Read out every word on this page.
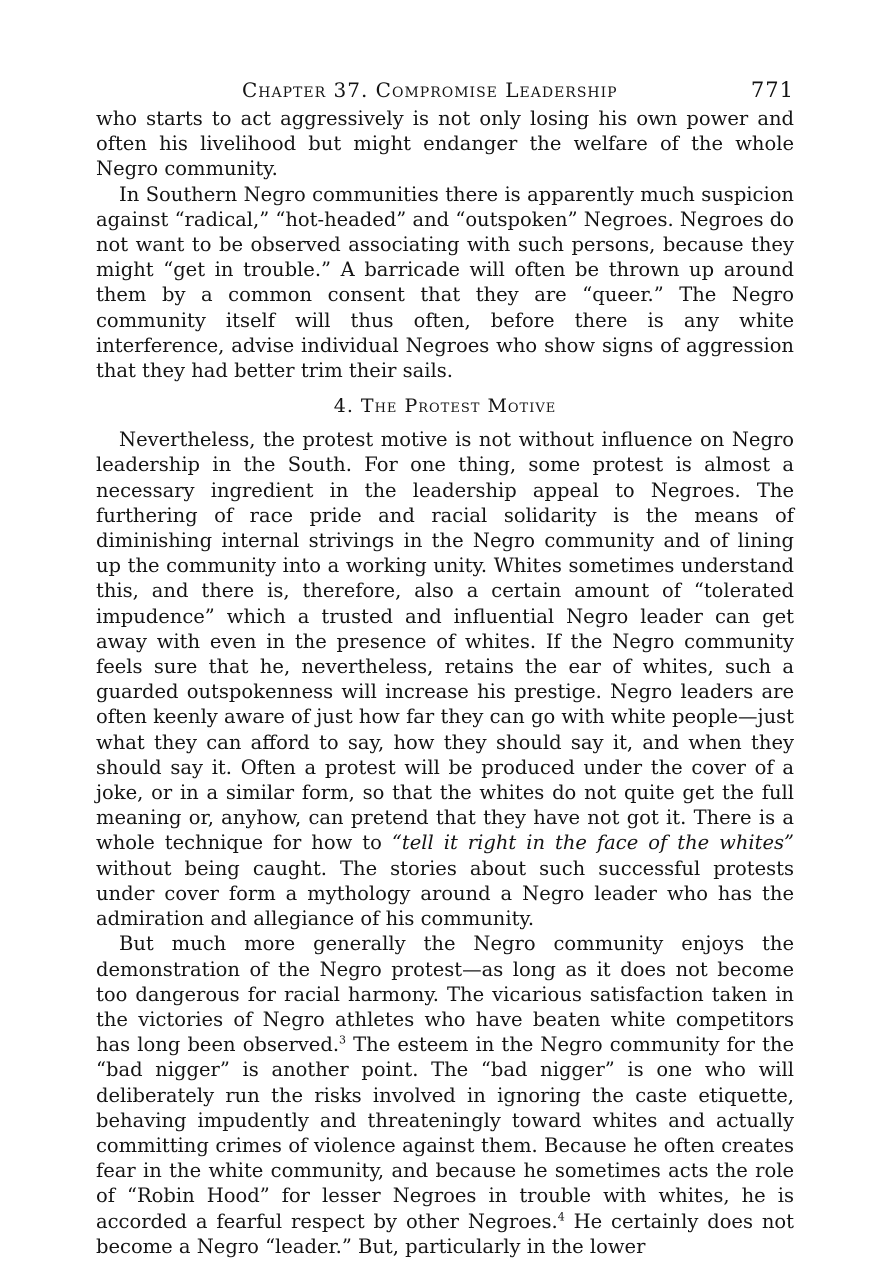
Chapter 37. Compromise Leadership	771

who starts to act aggressively is not only losing his own power and often his livelihood but might endanger the welfare of the whole Negro community.

In Southern Negro communities there is apparently much suspicion against “radical,” “hot-headed” and “outspoken” Negroes. Negroes do not want to be observed associating with such persons, because they might “get in trouble.” A barricade will often be thrown up around them by a common consent that they are “queer.” The Negro community itself will thus often, before there is any white interference, advise individual Negroes who show signs of aggression that they had better trim their sails.

4. The Protest Motive

Nevertheless, the protest motive is not without influence on Negro leadership in the South. For one thing, some protest is almost a necessary ingredient in the leadership appeal to Negroes. The furthering of race pride and racial solidarity is the means of diminishing internal strivings in the Negro community and of lining up the community into a working unity. Whites sometimes understand this, and there is, therefore, also a certain amount of “tolerated impudence” which a trusted and influential Negro leader can get away with even in the presence of whites. If the Negro community feels sure that he, nevertheless, retains the ear of whites, such a guarded outspokenness will increase his prestige. Negro leaders are often keenly aware of just how far they can go with white people—just what they can afford to say, how they should say it, and when they should say it. Often a protest will be produced under the cover of a joke, or in a similar form, so that the whites do not quite get the full meaning or, anyhow, can pretend that they have not got it. There is a whole technique for how to “tell it right in the face of the whites” without being caught. The stories about such successful protests under cover form a mythology around a Negro leader who has the admiration and allegiance of his community.

But much more generally the Negro community enjoys the demonstration of the Negro protest—as long as it does not become too dangerous for racial harmony. The vicarious satisfaction taken in the victories of Negro athletes who have beaten white competitors has long been observed.$^3$ The esteem in the Negro community for the “bad nigger” is another point. The “bad nigger” is one who will deliberately run the risks involved in ignoring the caste etiquette, behaving impudently and threateningly toward whites and actually committing crimes of violence against them. Because he often creates fear in the white community, and because he sometimes acts the role of “Robin Hood” for lesser Negroes in trouble with whites, he is accorded a fearful respect by other Negroes.$^4$ He certainly does not become a Negro “leader.” But, particularly in the lower
